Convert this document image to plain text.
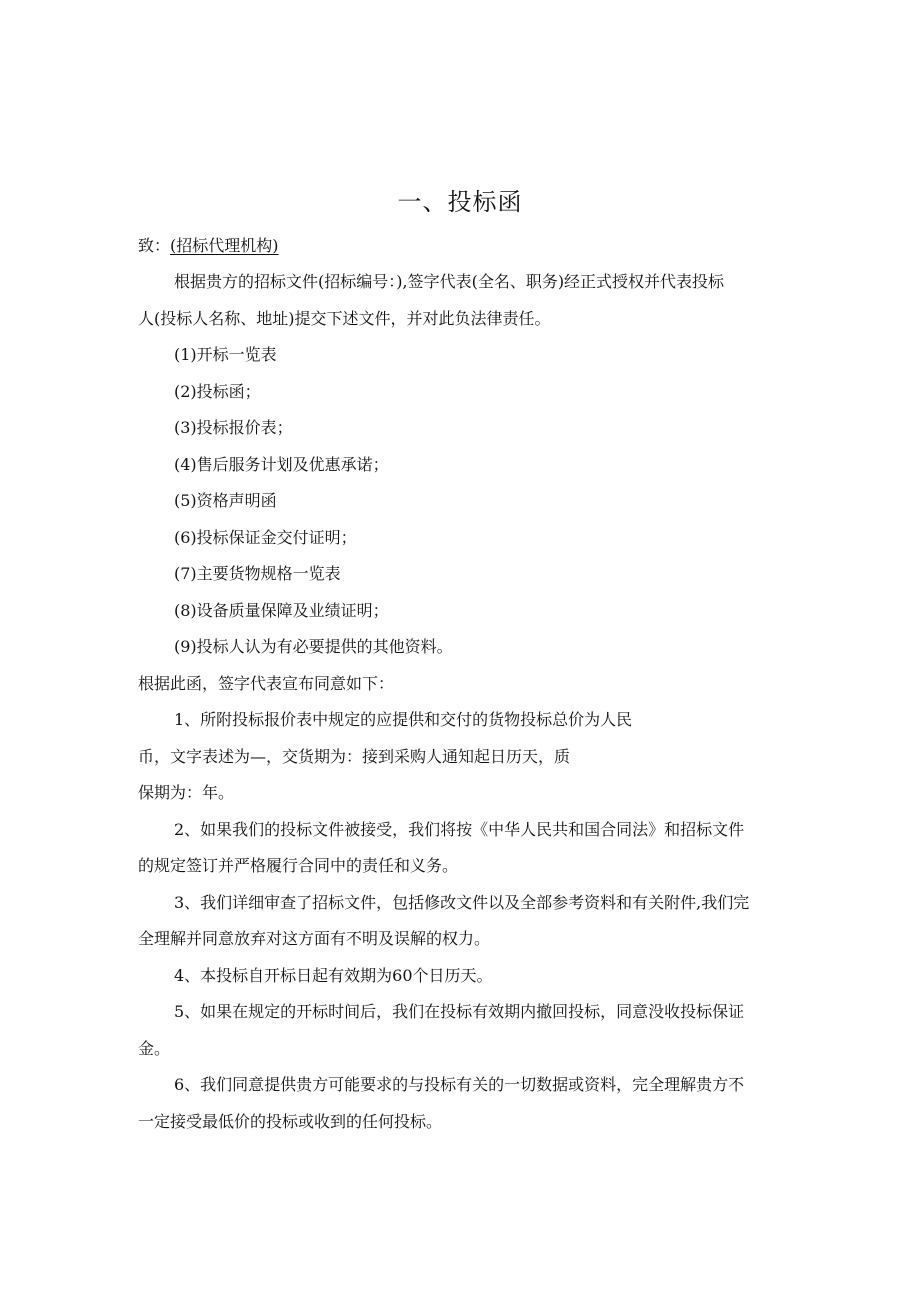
一、投标函
致：(招标代理机构)
根据贵方的招标文件(招标编号：),签字代表(全名、职务)经正式授权并代表投标
人(投标人名称、地址)提交下述文件，并对此负法律责任。
(1)开标一览表
(2)投标函；
(3)投标报价表；
(4)售后服务计划及优惠承诺；
(5)资格声明函
(6)投标保证金交付证明；
(7)主要货物规格一览表
(8)设备质量保障及业绩证明；
(9)投标人认为有必要提供的其他资料。
根据此函，签字代表宣布同意如下：
1、所附投标报价表中规定的应提供和交付的货物投标总价为人民
币，文字表述为—，交货期为：接到采购人通知起日历天，质
保期为：年。
2、如果我们的投标文件被接受，我们将按《中华人民共和国合同法》和招标文件
的规定签订并严格履行合同中的责任和义务。
3、我们详细审查了招标文件，包括修改文件以及全部参考资料和有关附件,我们完
全理解并同意放弃对这方面有不明及误解的权力。
4、本投标自开标日起有效期为60个日历天。
5、如果在规定的开标时间后，我们在投标有效期内撤回投标，同意没收投标保证
金。
6、我们同意提供贵方可能要求的与投标有关的一切数据或资料，完全理解贵方不
一定接受最低价的投标或收到的任何投标。
